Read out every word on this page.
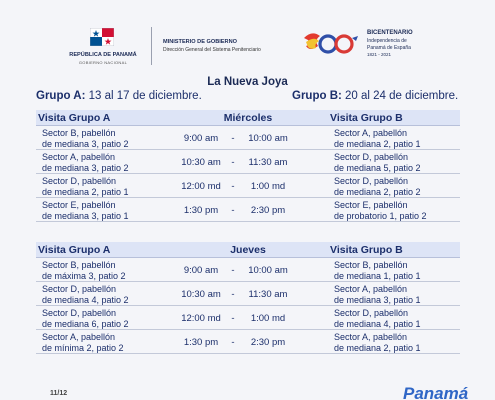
REPÚBLICA DE PANAMÁ
GOBIERNO NACIONAL
MINISTERIO DE GOBIERNO
Dirección General del Sistema Penitenciario
BICENTENARIO
Independencia de
Panamá de España
1821 - 2021
La Nueva Joya
Grupo A: 13 al 17 de diciembre.	Grupo B: 20 al 24 de diciembre.
Miércoles
Visita Grupo A	Visita Grupo B
Sector B, pabellón
de mediana 3, patio 2	9:00 am	-	10:00 am	Sector A, pabellón
de mediana 2, patio 1
Sector A, pabellón
de mediana 3, patio 2	10:30 am	-	11:30 am	Sector D, pabellón
de mediana 5, patio 2
Sector D, pabellón
de mediana 2, patio 1	12:00 md	-	1:00 md	Sector D, pabellón
de mediana 2, patio 2
Sector E, pabellón
de mediana 3, patio 1	1:30 pm	-	2:30 pm	Sector E, pabellón
de probatorio 1, patio 2
Jueves
Visita Grupo A	Visita Grupo B
Sector B, pabellón
de máxima 3, patio 2	9:00 am	-	10:00 am	Sector B, pabellón
de mediana 1, patio 1
Sector D, pabellón
de mediana 4, patio 2	10:30 am	-	11:30 am	Sector A, pabellón
de mediana 3, patio 1
Sector D, pabellón
de mediana 6, patio 2	12:00 md	-	1:00 md	Sector D, pabellón
de mediana 4, patio 1
Sector A, pabellón
de mínima 2, patio 2	1:30 pm	-	2:30 pm	Sector A, pabellón
de mediana 2, patio 1
11/12	Panamá
